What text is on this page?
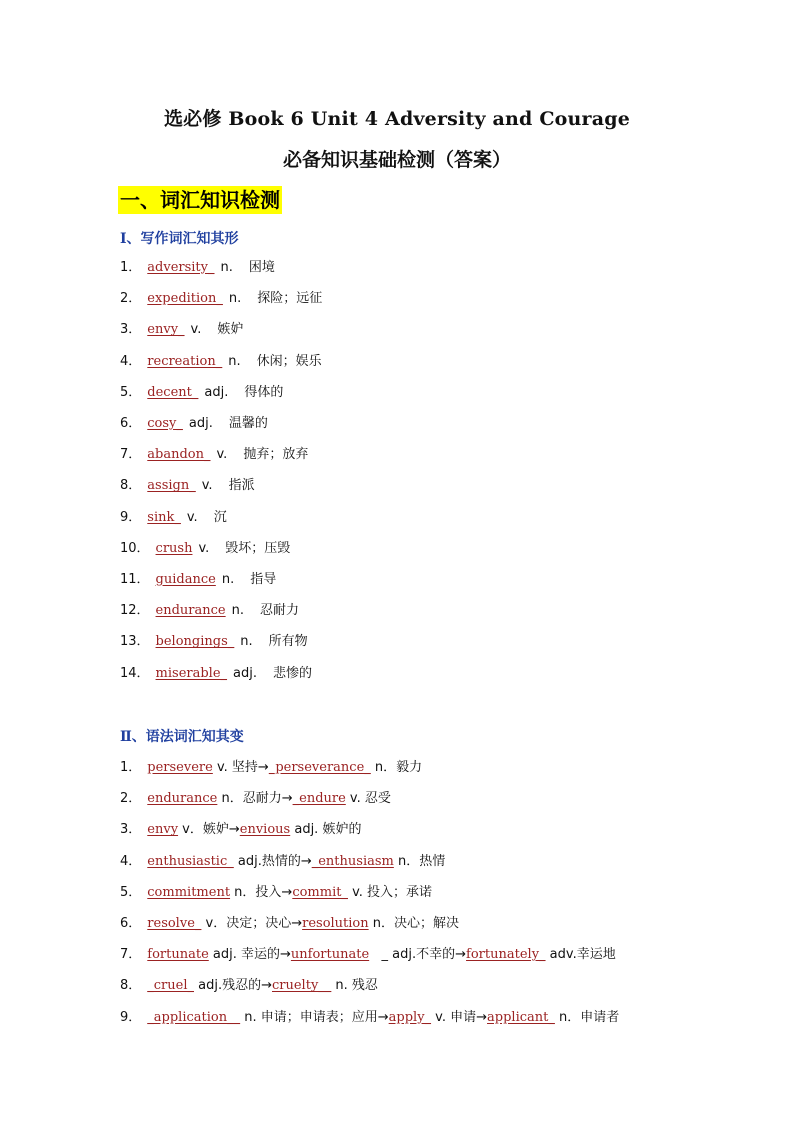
选必修 Book 6 Unit 4 Adversity and Courage
必备知识基础检测（答案）
一、词汇知识检测
Ⅰ、写作词汇知其形
1． adversity_ n. 困境
2． expedition_ n. 探险；远征
3． envy_ v. 嫉妒
4． recreation_ n. 休闲；娱乐
5． decent_ adj. 得体的
6． cosy_ adj. 温馨的
7． abandon_ v. 抛弃；放弃
8． assign_ v. 指派
9． sink_ v. 沉
10． crush v. 毁坏；压毁
11． guidance n. 指导
12． endurance n. 忍耐力
13． belongings_ n. 所有物
14． miserable_ adj. 悲惨的
Ⅱ、语法词汇知其变
1． persevere v. 坚持→_perseverance_ n．毅力
2． endurance n．忍耐力→_endure v. 忍受
3． envy v．嫉妒→envious adj. 嫉妒的
4． enthusiastic_ adj.热情的→_enthusiasm n．热情
5． commitment n．投入→commit_ v. 投入；承诺
6． resolve_ v．决定；决心→resolution n．决心；解决
7． fortunate adj. 幸运的→unfortunate   _ adj.不幸的→fortunately_ adv.幸运地
8． _cruel_ adj.残忍的→cruelty__ n. 残忍
9． _application__ n. 申请；申请表；应用→apply_ v. 申请→applicant_ n．申请者
